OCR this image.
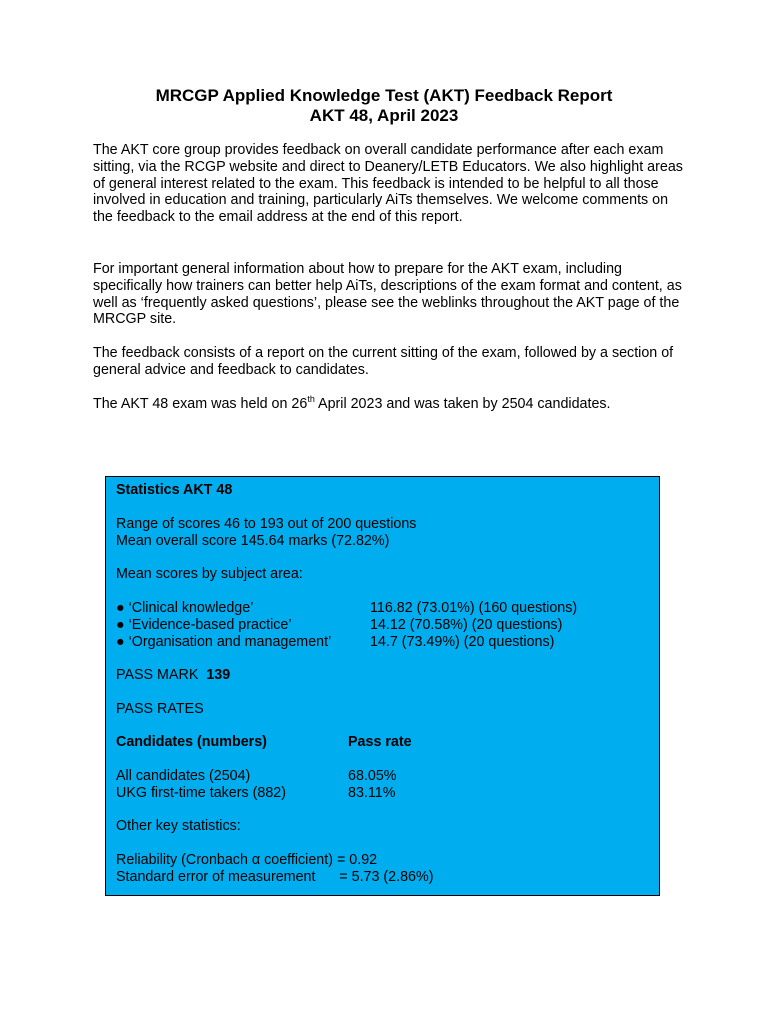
MRCGP Applied Knowledge Test (AKT) Feedback Report
AKT 48, April 2023
The AKT core group provides feedback on overall candidate performance after each exam sitting, via the RCGP website and direct to Deanery/LETB Educators. We also highlight areas of general interest related to the exam. This feedback is intended to be helpful to all those involved in education and training, particularly AiTs themselves. We welcome comments on the feedback to the email address at the end of this report.
For important general information about how to prepare for the AKT exam, including specifically how trainers can better help AiTs, descriptions of the exam format and content, as well as ‘frequently asked questions’, please see the weblinks throughout the AKT page of the MRCGP site.
The feedback consists of a report on the current sitting of the exam, followed by a section of general advice and feedback to candidates.
The AKT 48 exam was held on 26th April 2023 and was taken by 2504 candidates.
Statistics AKT 48
Range of scores 46 to 193 out of 200 questions
Mean overall score 145.64 marks (72.82%)
Mean scores by subject area:
● ‘Clinical knowledge’	116.82 (73.01%) (160 questions)
● ‘Evidence-based practice’	14.12 (70.58%) (20 questions)
● ‘Organisation and management’	14.7 (73.49%) (20 questions)
PASS MARK 139
PASS RATES
Candidates (numbers)	Pass rate
All candidates (2504)	68.05%
UKG first-time takers (882)	83.11%
Other key statistics:
Reliability (Cronbach α coefficient) = 0.92
Standard error of measurement      = 5.73 (2.86%)
